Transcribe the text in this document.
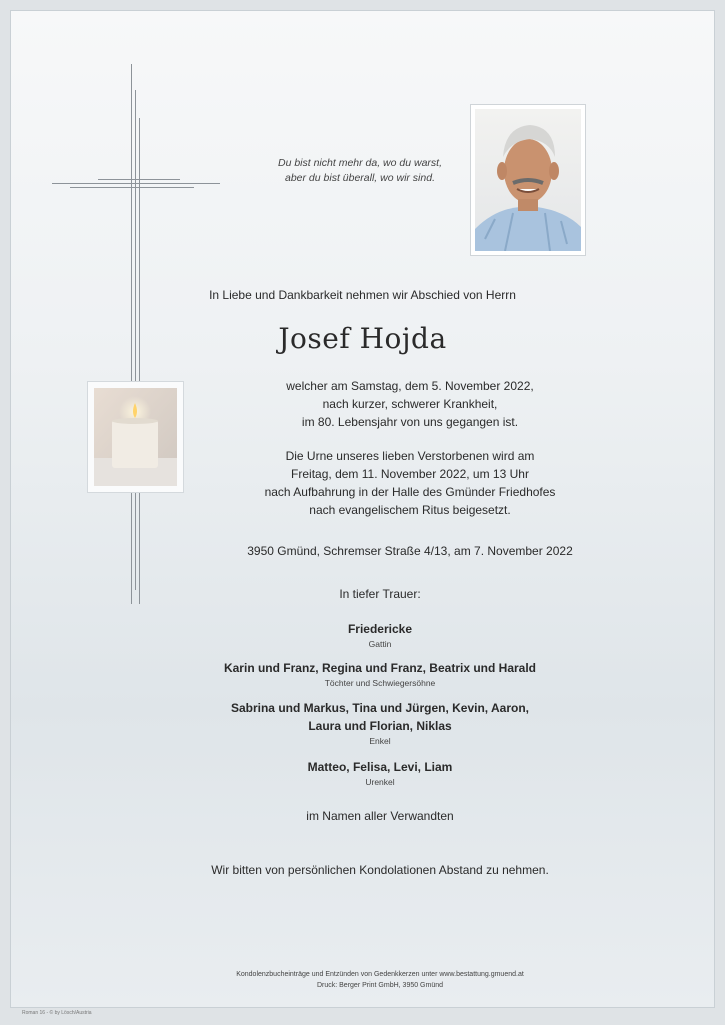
Du bist nicht mehr da, wo du warst,
aber du bist überall, wo wir sind.
In Liebe und Dankbarkeit nehmen wir Abschied von Herrn
Josef Hojda
welcher am Samstag, dem 5. November 2022,
nach kurzer, schwerer Krankheit,
im 80. Lebensjahr von uns gegangen ist.
Die Urne unseres lieben Verstorbenen wird am
Freitag, dem 11. November 2022, um 13 Uhr
nach Aufbahrung in der Halle des Gmünder Friedhofes
nach evangelischem Ritus beigesetzt.
3950 Gmünd, Schremser Straße 4/13, am 7. November 2022
In tiefer Trauer:
Friedericke
Gattin
Karin und Franz, Regina und Franz, Beatrix und Harald
Töchter und Schwiegersöhne
Sabrina und Markus, Tina und Jürgen, Kevin, Aaron,
Laura und Florian, Niklas
Enkel
Matteo, Felisa, Levi, Liam
Urenkel
im Namen aller Verwandten
Wir bitten von persönlichen Kondolationen Abstand zu nehmen.
Kondolenzbucheinträge und Entzünden von Gedenkkerzen unter www.bestattung.gmuend.at
Druck: Berger Print GmbH, 3950 Gmünd
Roman 16 - © by Lösch/Austria
